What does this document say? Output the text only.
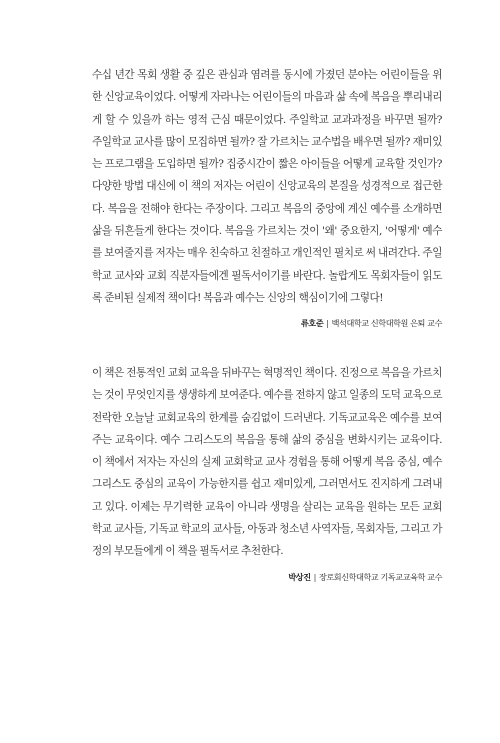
수십 년간 목회 생활 중 깊은 관심과 염려를 동시에 가졌던 분야는 어린이들을 위한 신앙교육이었다. 어떻게 자라나는 어린이들의 마음과 삶 속에 복음을 뿌리내리게 할 수 있을까 하는 영적 근심 때문이었다. 주일학교 교과과정을 바꾸면 될까? 주일학교 교사를 많이 모집하면 될까? 잘 가르치는 교수법을 배우면 될까? 재미있는 프로그램을 도입하면 될까? 집중시간이 짧은 아이들을 어떻게 교육할 것인가? 다양한 방법 대신에 이 책의 저자는 어린이 신앙교육의 본질을 성경적으로 접근한다. 복음을 전해야 한다는 주장이다. 그리고 복음의 중앙에 계신 예수를 소개하면 삶을 뒤흔들게 한다는 것이다. 복음을 가르치는 것이 '왜' 중요한지, '어떻게' 예수를 보여줄지를 저자는 매우 친숙하고 친절하고 개인적인 필치로 써 내려간다. 주일학교 교사와 교회 직분자들에겐 필독서이기를 바란다. 놀랍게도 목회자들이 읽도록 준비된 실제적 책이다! 복음과 예수는 신앙의 핵심이기에 그렇다!

류호준 | 백석대학교 신학대학원 은퇴 교수

이 책은 전통적인 교회 교육을 뒤바꾸는 혁명적인 책이다. 진정으로 복음을 가르치는 것이 무엇인지를 생생하게 보여준다. 예수를 전하지 않고 일종의 도덕 교육으로 전락한 오늘날 교회교육의 한계를 숨김없이 드러낸다. 기독교교육은 예수를 보여주는 교육이다. 예수 그리스도의 복음을 통해 삶의 중심을 변화시키는 교육이다. 이 책에서 저자는 자신의 실제 교회학교 교사 경험을 통해 어떻게 복음 중심, 예수 그리스도 중심의 교육이 가능한지를 쉽고 재미있게, 그러면서도 진지하게 그려내고 있다. 이제는 무기력한 교육이 아니라 생명을 살리는 교육을 원하는 모든 교회학교 교사들, 기독교 학교의 교사들, 아동과 청소년 사역자들, 목회자들, 그리고 가정의 부모들에게 이 책을 필독서로 추천한다.

박상진 | 장로회신학대학교 기독교교육학 교수
